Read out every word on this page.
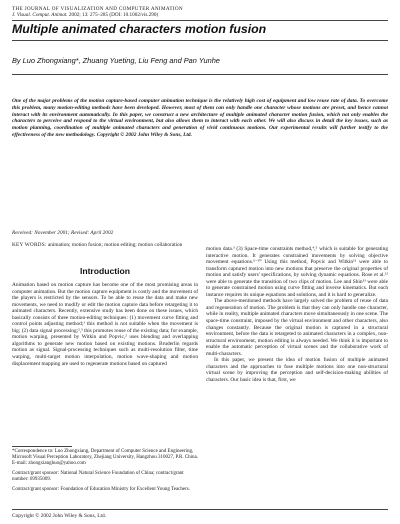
THE JOURNAL OF VISUALIZATION AND COMPUTER ANIMATION
J. Visual. Comput. Animat. 2002; 13: 275–285 (DOI: 10.1002/vis.290)
Multiple animated characters motion fusion
By Luo Zhongxiang*, Zhuang Yueting, Liu Feng and Pan Yunhe

One of the major problems of the motion capture-based computer animation technique is the relatively high cost of equipment and low reuse rate of data. To overcome this problem, many motion-editing methods have been developed. However, most of them can only handle one character whose motions are preset, and hence cannot interact with its environment automatically. In this paper, we construct a new architecture of multiple animated character motion fusion, which not only enables the characters to perceive and respond to the virtual environment, but also allows them to interact with each other. We will also discuss in detail the key issues, such as motion planning, coordination of multiple animated characters and generation of vivid continuous motions. Our experimental results will further testify to the effectiveness of the new methodology. Copyright © 2002 John Wiley & Sons, Ltd.

Received: November 2001; Revised: April 2002
KEY WORDS: animation; motion fusion; motion editing; motion collaboration
Introduction

Animation based on motion capture has become one of the most promising areas in computer animation. But the motion capture equipment is costly and the movement of the players is restricted by the sensors. To be able to reuse the data and make new movements, we need to modify or edit the motion capture data before retargeting it to animated characters. Recently, extensive study has been done on these issues, which basically consists of three motion-editing techniques: (1) movement curve fitting and control points adjusting method;¹ this method is not suitable when the movement is big; (2) data signal processing;²,³ this promotes reuse of the existing data; for example, motion warping, presented by Witkin and Popvic,² uses blending and overlapping algorithms to generate new motion based on existing motions. Bruderlin regards motion as signal. Signal-processing techniques such as multi-resolution filter, time warping, multi-target motion interpolation, motion wave-shaping and motion displacement mapping are used to regenerate motions based on captured

motion data.³ (3) Space-time constraints method,⁴,⁵ which is suitable for generating interactive motion. It generates constrained movements by solving objective movement equations.⁶⁻¹⁰ Using this method, Popvic and Witkin¹¹ were able to transform captured motion into new motions that preserve the original properties of motion and satisfy users' specifications, by solving dynamic equations. Rose et al.¹² were able to generate the transition of two clips of motion. Lee and Shin¹³ were able to generate constrained motion using curve fitting and inverse kinematics. But each instance requires its unique equations and solutions, and it is hard to generalize.

The above-mentioned methods have largely solved the problem of reuse of data and regeneration of motion. The problem is that they can only handle one character, while in reality, multiple animated characters move simultaneously in one scene. The space-time constraint, imposed by the virtual environment and other characters, also changes constantly. Because the original motion is captured in a structural environment, before the data is retargeted to animated characters in a complex, non-structural environment, motion editing is always needed. We think it is important to enable the automatic perception of virtual scenes and the collaborative work of multi-characters.

In this paper, we present the idea of motion fusion of multiple animated characters and the approaches to fuse multiple motions into one non-structural virtual scene by improving the perception and self-decision-making abilities of characters. Our basic idea is that, first, we

*Correspondence to: Luo Zhongxiang, Department of Computer Science and Engineering, Microsoft Visual Perception Laboratory, Zhejiang University, Hangzhou 310027, P.R. China. E-mail: zhongxianghuo@yahoo.com

Contract/grant sponsor: National Natural Science Foundation of China; contract/grant number: 69935009.

Contract/grant sponsor: Foundation of Education Ministry for Excellent Young Teachers.

Copyright © 2002 John Wiley & Sons, Ltd.
